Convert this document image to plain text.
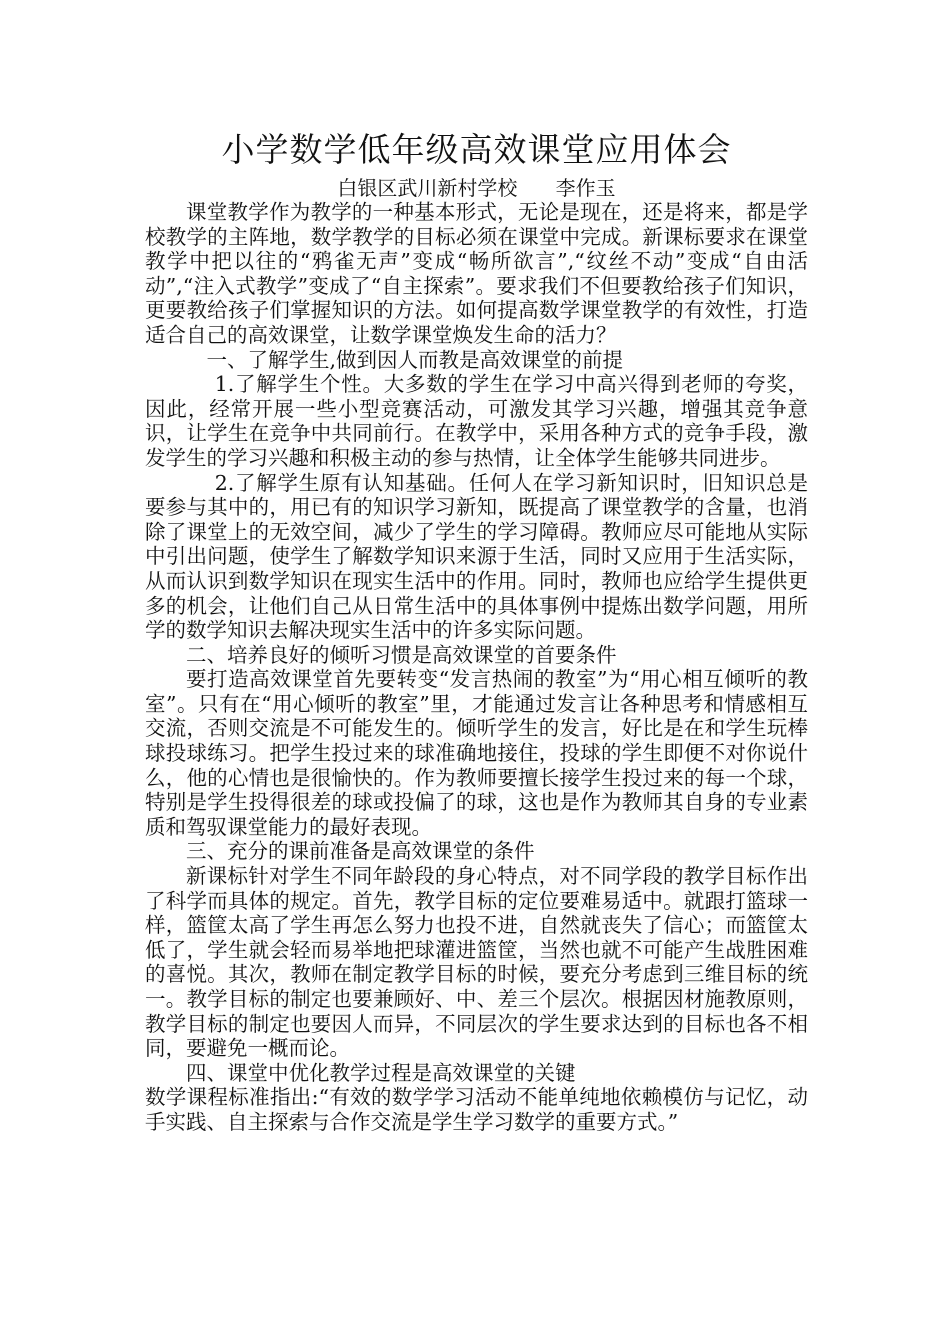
小学数学低年级高效课堂应用体会
白银区武川新村学校      李作玉

课堂教学作为教学的一种基本形式，无论是现在，还是将来，都是学校教学的主阵地，数学教学的目标必须在课堂中完成。新课标要求在课堂教学中把以往的“鸦雀无声”变成“畅所欲言”,“纹丝不动”变成“自由活动”,“注入式教学”变成了“自主探索”。要求我们不但要教给孩子们知识，更要教给孩子们掌握知识的方法。如何提高数学课堂教学的有效性，打造适合自己的高效课堂，让数学课堂焕发生命的活力？

一、了解学生,做到因人而教是高效课堂的前提

1.了解学生个性。大多数的学生在学习中高兴得到老师的夸奖，因此，经常开展一些小型竞赛活动，可激发其学习兴趣，增强其竞争意识，让学生在竞争中共同前行。在教学中，采用各种方式的竞争手段，激发学生的学习兴趣和积极主动的参与热情，让全体学生能够共同进步。

2.了解学生原有认知基础。任何人在学习新知识时，旧知识总是要参与其中的，用已有的知识学习新知，既提高了课堂教学的含量，也消除了课堂上的无效空间，减少了学生的学习障碍。教师应尽可能地从实际中引出问题，使学生了解数学知识来源于生活，同时又应用于生活实际，从而认识到数学知识在现实生活中的作用。同时，教师也应给学生提供更多的机会，让他们自己从日常生活中的具体事例中提炼出数学问题，用所学的数学知识去解决现实生活中的许多实际问题。

二、培养良好的倾听习惯是高效课堂的首要条件

要打造高效课堂首先要转变“发言热闹的教室”为“用心相互倾听的教室”。只有在“用心倾听的教室”里，才能通过发言让各种思考和情感相互交流，否则交流是不可能发生的。倾听学生的发言，好比是在和学生玩棒球投球练习。把学生投过来的球准确地接住，投球的学生即便不对你说什么，他的心情也是很愉快的。作为教师要擅长接学生投过来的每一个球，特别是学生投得很差的球或投偏了的球，这也是作为教师其自身的专业素质和驾驭课堂能力的最好表现。

三、充分的课前准备是高效课堂的条件

新课标针对学生不同年龄段的身心特点，对不同学段的教学目标作出了科学而具体的规定。首先，教学目标的定位要难易适中。就跟打篮球一样，篮筐太高了学生再怎么努力也投不进，自然就丧失了信心；而篮筐太低了，学生就会轻而易举地把球灌进篮筐，当然也就不可能产生战胜困难的喜悦。其次，教师在制定教学目标的时候，要充分考虑到三维目标的统一。教学目标的制定也要兼顾好、中、差三个层次。根据因材施教原则，教学目标的制定也要因人而异，不同层次的学生要求达到的目标也各不相同，要避免一概而论。

四、课堂中优化教学过程是高效课堂的关键

数学课程标准指出:“有效的数学学习活动不能单纯地依赖模仿与记忆，动手实践、自主探索与合作交流是学生学习数学的重要方式。”
